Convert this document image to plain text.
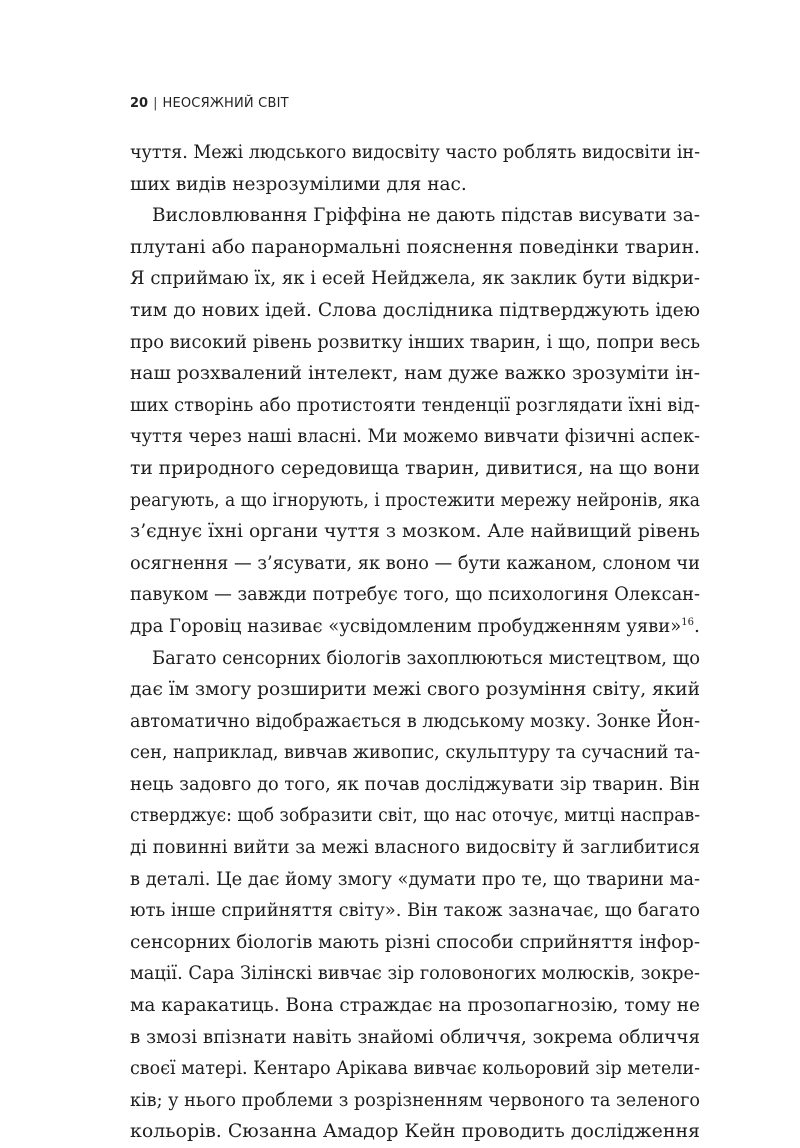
20 | НЕОСЯЖНИЙ СВІТ
чуття. Межі людського видосвіту часто роблять видосвіти ін-
ших видів незрозумілими для нас.
Висловлювання Гріффіна не дають підстав висувати за-
плутані або паранормальні пояснення поведінки тварин.
Я сприймаю їх, як і есей Нейджела, як заклик бути відкри-
тим до нових ідей. Слова дослідника підтверджують ідею
про високий рівень розвитку інших тварин, і що, попри весь
наш розхвалений інтелект, нам дуже важко зрозуміти ін-
ших створінь або протистояти тенденції розглядати їхні від-
чуття через наші власні. Ми можемо вивчати фізичні аспек-
ти природного середовища тварин, дивитися, на що вони
реагують, а що ігнорують, і простежити мережу нейронів, яка
з’єднує їхні органи чуття з мозком. Але найвищий рівень
осягнення — з’ясувати, як воно — бути кажаном, слоном чи
павуком — завжди потребує того, що психологиня Олексан-
дра Горовіц називає «усвідомленим пробудженням уяви»$^{16}$.
Багато сенсорних біологів захоплюються мистецтвом, що
дає їм змогу розширити межі свого розуміння світу, який
автоматично відображається в людському мозку. Зонке Йон-
сен, наприклад, вивчав живопис, скульптуру та сучасний та-
нець задовго до того, як почав досліджувати зір тварин. Він
стверджує: щоб зобразити світ, що нас оточує, митці насправ-
ді повинні вийти за межі власного видосвіту й заглибитися
в деталі. Це дає йому змогу «думати про те, що тварини ма-
ють інше сприйняття світу». Він також зазначає, що багато
сенсорних біологів мають різні способи сприйняття інфор-
мації. Сара Зілінскі вивчає зір головоногих молюсків, зокре-
ма каракатиць. Вона страждає на прозопагнозію, тому не
в змозі впізнати навіть знайомі обличчя, зокрема обличчя
своєї матері. Кентаро Арікава вивчає кольоровий зір метели-
ків; у нього проблеми з розрізненням червоного та зеленого
кольорів. Сюзанна Амадор Кейн проводить дослідження
